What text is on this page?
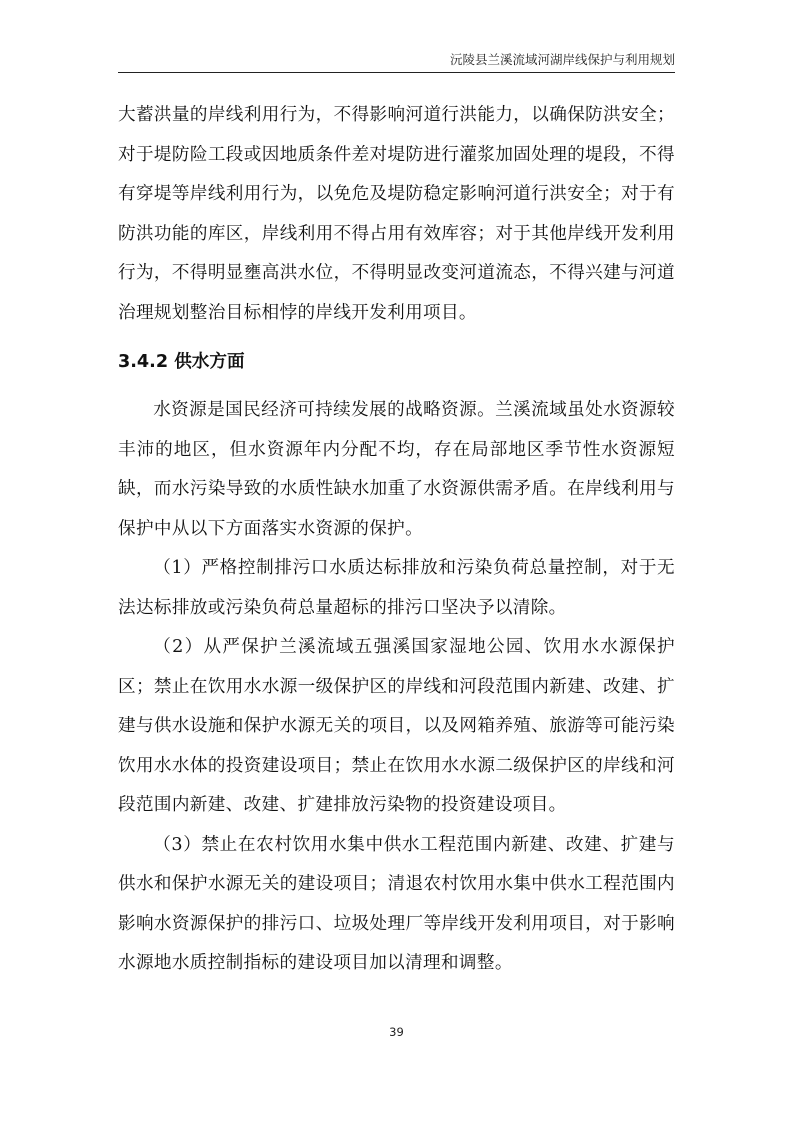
沅陵县兰溪流域河湖岸线保护与利用规划

大蓄洪量的岸线利用行为，不得影响河道行洪能力，以确保防洪安全；对于堤防险工段或因地质条件差对堤防进行灌浆加固处理的堤段，不得有穿堤等岸线利用行为，以免危及堤防稳定影响河道行洪安全；对于有防洪功能的库区，岸线利用不得占用有效库容；对于其他岸线开发利用行为，不得明显壅高洪水位，不得明显改变河道流态，不得兴建与河道治理规划整治目标相悖的岸线开发利用项目。

3.4.2 供水方面

水资源是国民经济可持续发展的战略资源。兰溪流域虽处水资源较丰沛的地区，但水资源年内分配不均，存在局部地区季节性水资源短缺，而水污染导致的水质性缺水加重了水资源供需矛盾。在岸线利用与保护中从以下方面落实水资源的保护。

（1）严格控制排污口水质达标排放和污染负荷总量控制，对于无法达标排放或污染负荷总量超标的排污口坚决予以清除。

（2）从严保护兰溪流域五强溪国家湿地公园、饮用水水源保护区；禁止在饮用水水源一级保护区的岸线和河段范围内新建、改建、扩建与供水设施和保护水源无关的项目，以及网箱养殖、旅游等可能污染饮用水水体的投资建设项目；禁止在饮用水水源二级保护区的岸线和河段范围内新建、改建、扩建排放污染物的投资建设项目。

（3）禁止在农村饮用水集中供水工程范围内新建、改建、扩建与供水和保护水源无关的建设项目；清退农村饮用水集中供水工程范围内影响水资源保护的排污口、垃圾处理厂等岸线开发利用项目，对于影响水源地水质控制指标的建设项目加以清理和调整。

39
